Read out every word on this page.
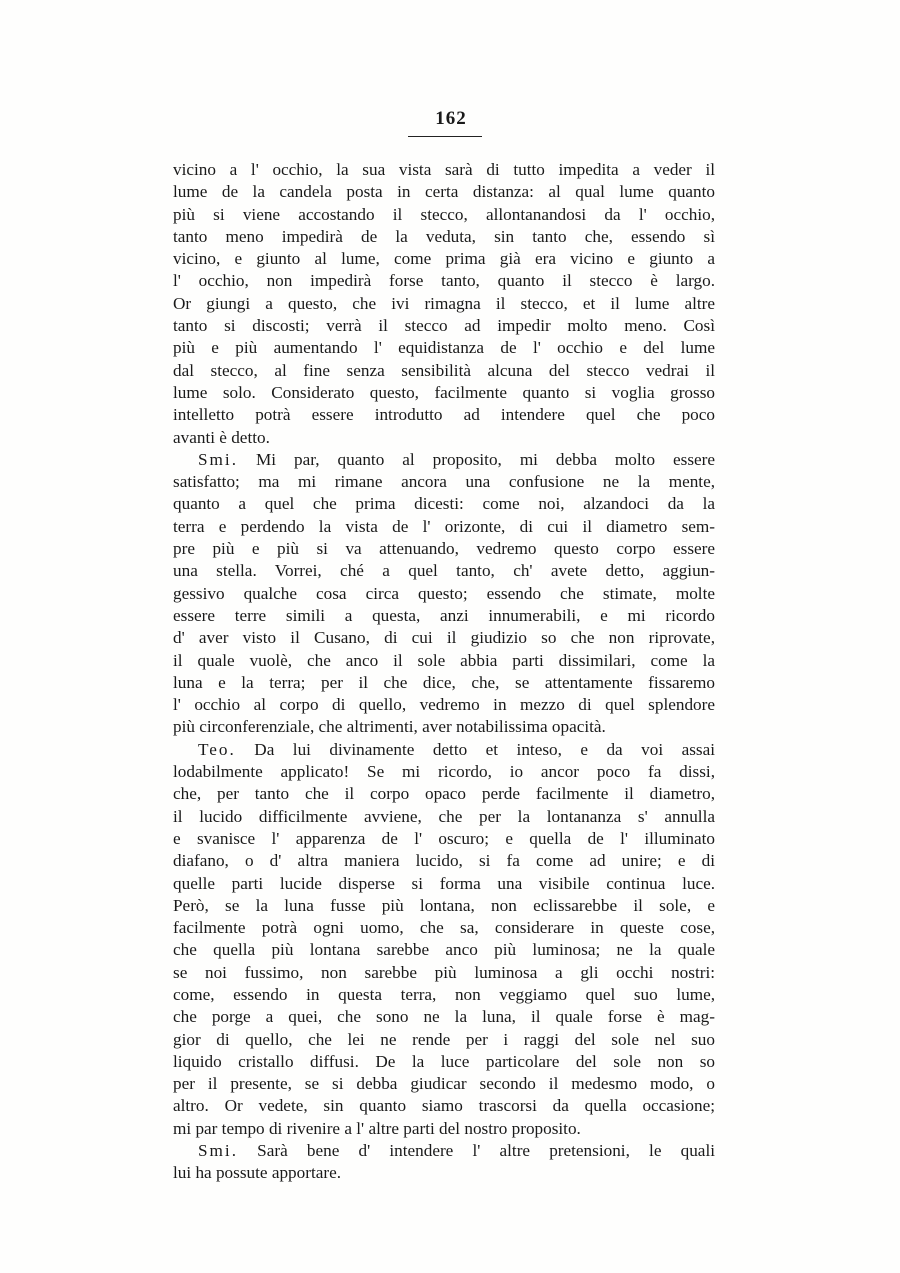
162
vicino a l' occhio, la sua vista sarà di tutto impedita a veder il
lume de la candela posta in certa distanza: al qual lume quanto
più si viene accostando il stecco, allontanandosi da l' occhio,
tanto meno impedirà de la veduta, sin tanto che, essendo sì
vicino, e giunto al lume, come prima già era vicino e giunto a
l' occhio, non impedirà forse tanto, quanto il stecco è largo.
Or giungi a questo, che ivi rimagna il stecco, et il lume altre
tanto si discosti; verrà il stecco ad impedir molto meno. Così
più e più aumentando l' equidistanza de l' occhio e del lume
dal stecco, al fine senza sensibilità alcuna del stecco vedrai il
lume solo. Considerato questo, facilmente quanto si voglia grosso
intelletto potrà essere introdutto ad intendere quel che poco
avanti è detto.
Smi. Mi par, quanto al proposito, mi debba molto essere
satisfatto; ma mi rimane ancora una confusione ne la mente,
quanto a quel che prima dicesti: come noi, alzandoci da la
terra e perdendo la vista de l' orizonte, di cui il diametro sem-
pre più e più si va attenuando, vedremo questo corpo essere
una stella. Vorrei, ché a quel tanto, ch' avete detto, aggiun-
gessivo qualche cosa circa questo; essendo che stimate, molte
essere terre simili a questa, anzi innumerabili, e mi ricordo
d' aver visto il Cusano, di cui il giudizio so che non riprovate,
il quale vuolè, che anco il sole abbia parti dissimilari, come la
luna e la terra; per il che dice, che, se attentamente fissaremo
l' occhio al corpo di quello, vedremo in mezzo di quel splendore
più circonferenziale, che altrimenti, aver notabilissima opacità.
Teo. Da lui divinamente detto et inteso, e da voi assai
lodabilmente applicato! Se mi ricordo, io ancor poco fa dissi,
che, per tanto che il corpo opaco perde facilmente il diametro,
il lucido difficilmente avviene, che per la lontananza s' annulla
e svanisce l' apparenza de l' oscuro; e quella de l' illuminato
diafano, o d' altra maniera lucido, si fa come ad unire; e di
quelle parti lucide disperse si forma una visibile continua luce.
Però, se la luna fusse più lontana, non eclissarebbe il sole, e
facilmente potrà ogni uomo, che sa, considerare in queste cose,
che quella più lontana sarebbe anco più luminosa; ne la quale
se noi fussimo, non sarebbe più luminosa a gli occhi nostri:
come, essendo in questa terra, non veggiamo quel suo lume,
che porge a quei, che sono ne la luna, il quale forse è mag-
gior di quello, che lei ne rende per i raggi del sole nel suo
liquido cristallo diffusi. De la luce particolare del sole non so
per il presente, se si debba giudicar secondo il medesmo modo, o
altro. Or vedete, sin quanto siamo trascorsi da quella occasione;
mi par tempo di rivenire a l' altre parti del nostro proposito.
Smi. Sarà bene d' intendere l' altre pretensioni, le quali
lui ha possute apportare.
